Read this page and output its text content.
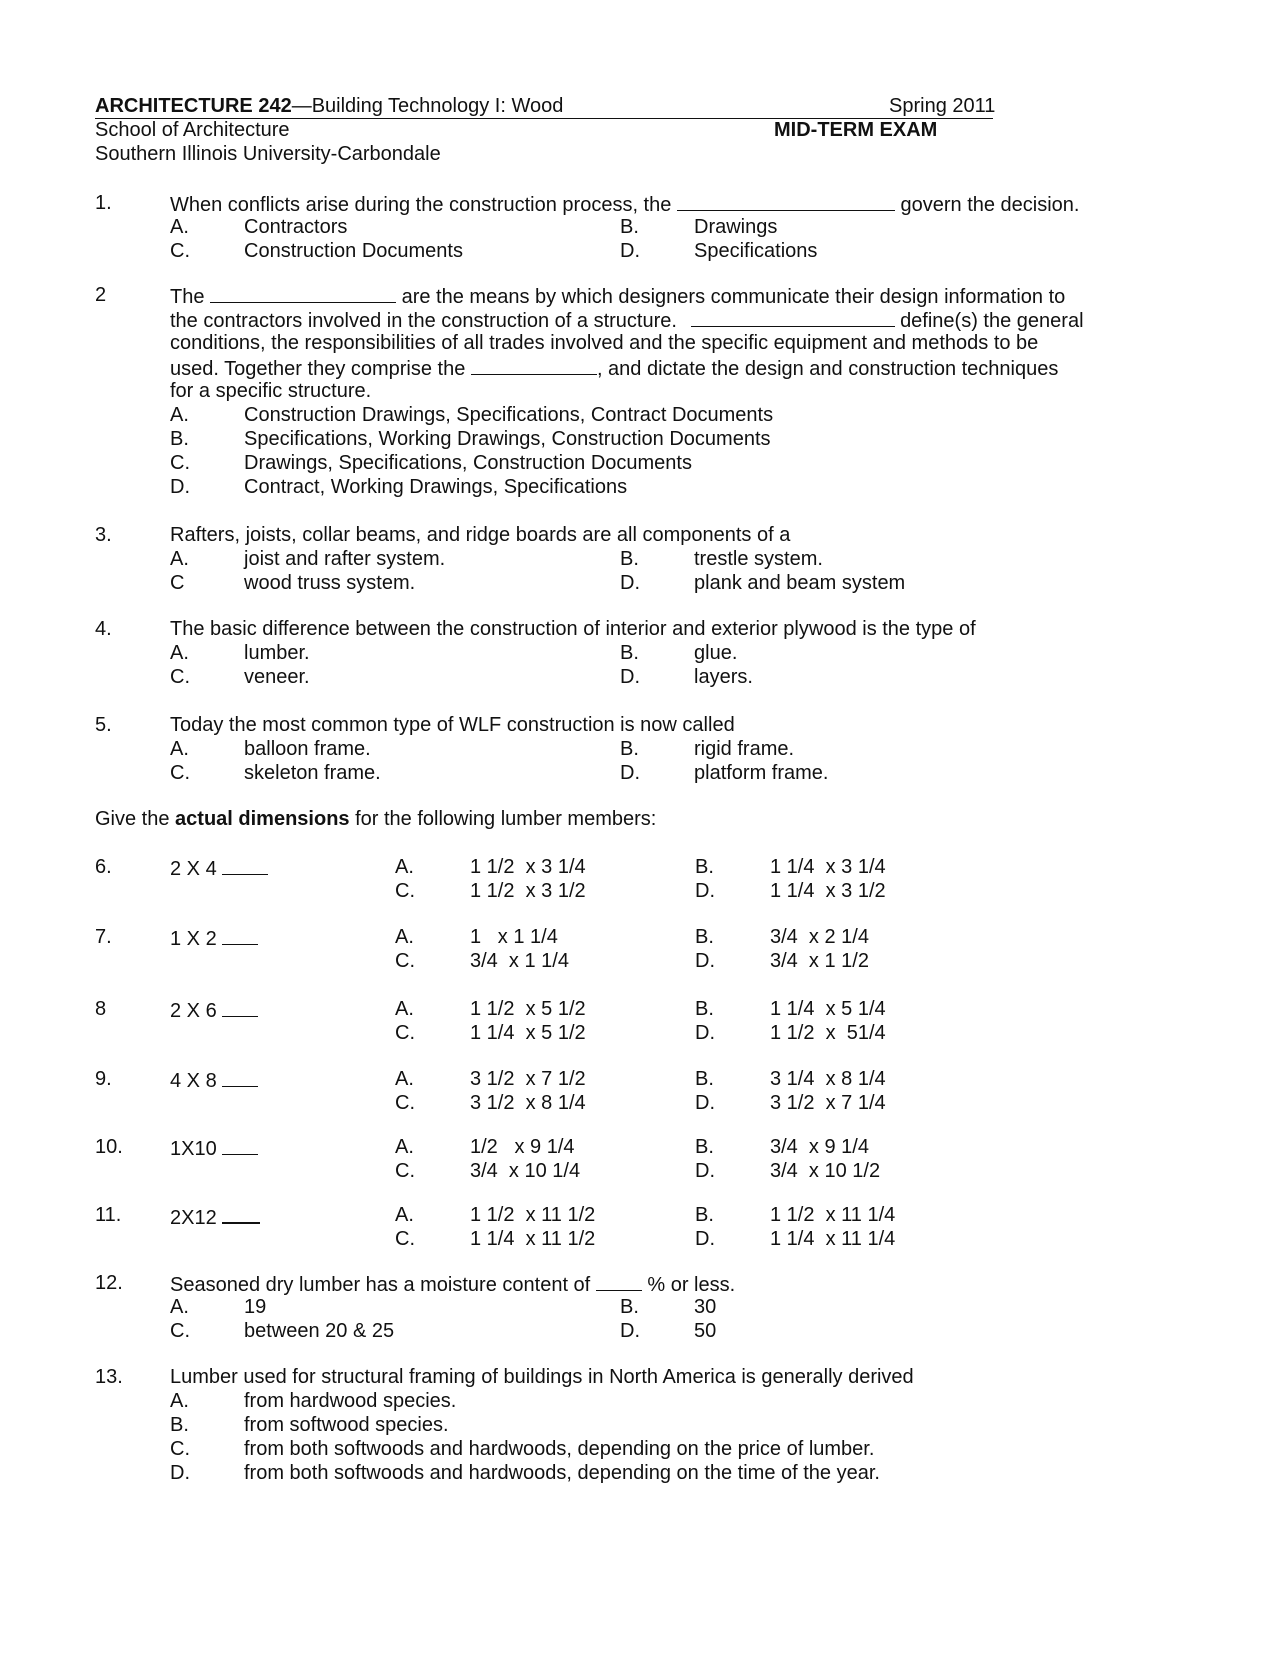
ARCHITECTURE 242—Building Technology I: Wood	Spring 2011
School of Architecture	MID-TERM EXAM
Southern Illinois University-Carbondale
1.	When conflicts arise during the construction process, the	govern the decision.
A.	Contractors	B.	Drawings
C.	Construction Documents	D.	Specifications
2	The	are the means by which designers communicate their design information to
the contractors involved in the construction of a structure.	define(s) the general
conditions, the responsibilities of all trades involved and the specific equipment and methods to be
used. Together they comprise the	, and dictate the design and construction techniques
for a specific structure.
A.	Construction Drawings, Specifications, Contract Documents
B.	Specifications, Working Drawings, Construction Documents
C.	Drawings, Specifications, Construction Documents
D.	Contract, Working Drawings, Specifications
3.	Rafters, joists, collar beams, and ridge boards are all components of a
A.	joist and rafter system.	B.	trestle system.
C	wood truss system.	D.	plank and beam system
4.	The basic difference between the construction of interior and exterior plywood is the type of
A.	lumber.	B.	glue.
C.	veneer.	D.	layers.
5.	Today the most common type of WLF construction is now called
A.	balloon frame.	B.	rigid frame.
C.	skeleton frame.	D.	platform frame.
Give the actual dimensions for the following lumber members:
6.	2 X 4	A.	1 1/2  x 3 1/4	B.	1 1/4  x 3 1/4
C.	1 1/2  x 3 1/2	D.	1 1/4  x 3 1/2
7.	1 X 2	A.	1   x 1 1/4	B.	3/4  x 2 1/4
C.	3/4  x 1 1/4	D.	3/4  x 1 1/2
8	2 X 6	A.	1 1/2  x 5 1/2	B.	1 1/4  x 5 1/4
C.	1 1/4  x 5 1/2	D.	1 1/2  x  51/4
9.	4 X 8	A.	3 1/2  x 7 1/2	B.	3 1/4  x 8 1/4
C.	3 1/2  x 8 1/4	D.	3 1/2  x 7 1/4
10. 1X10	A.	1/2   x 9 1/4	B.	3/4  x 9 1/4
C.	3/4  x 10 1/4	D.	3/4  x 10 1/2
11. 2X12	A.	1 1/2  x 11 1/2	B.	1 1/2  x 11 1/4
C.	1 1/4  x 11 1/2	D.	1 1/4  x 11 1/4
12. Seasoned dry lumber has a moisture content of	% or less.
A.	19	B.	30
C.	between 20 & 25	D.	50
13. Lumber used for structural framing of buildings in North America is generally derived
A.	from hardwood species.
B.	from softwood species.
C.	from both softwoods and hardwoods, depending on the price of lumber.
D.	from both softwoods and hardwoods, depending on the time of the year.
